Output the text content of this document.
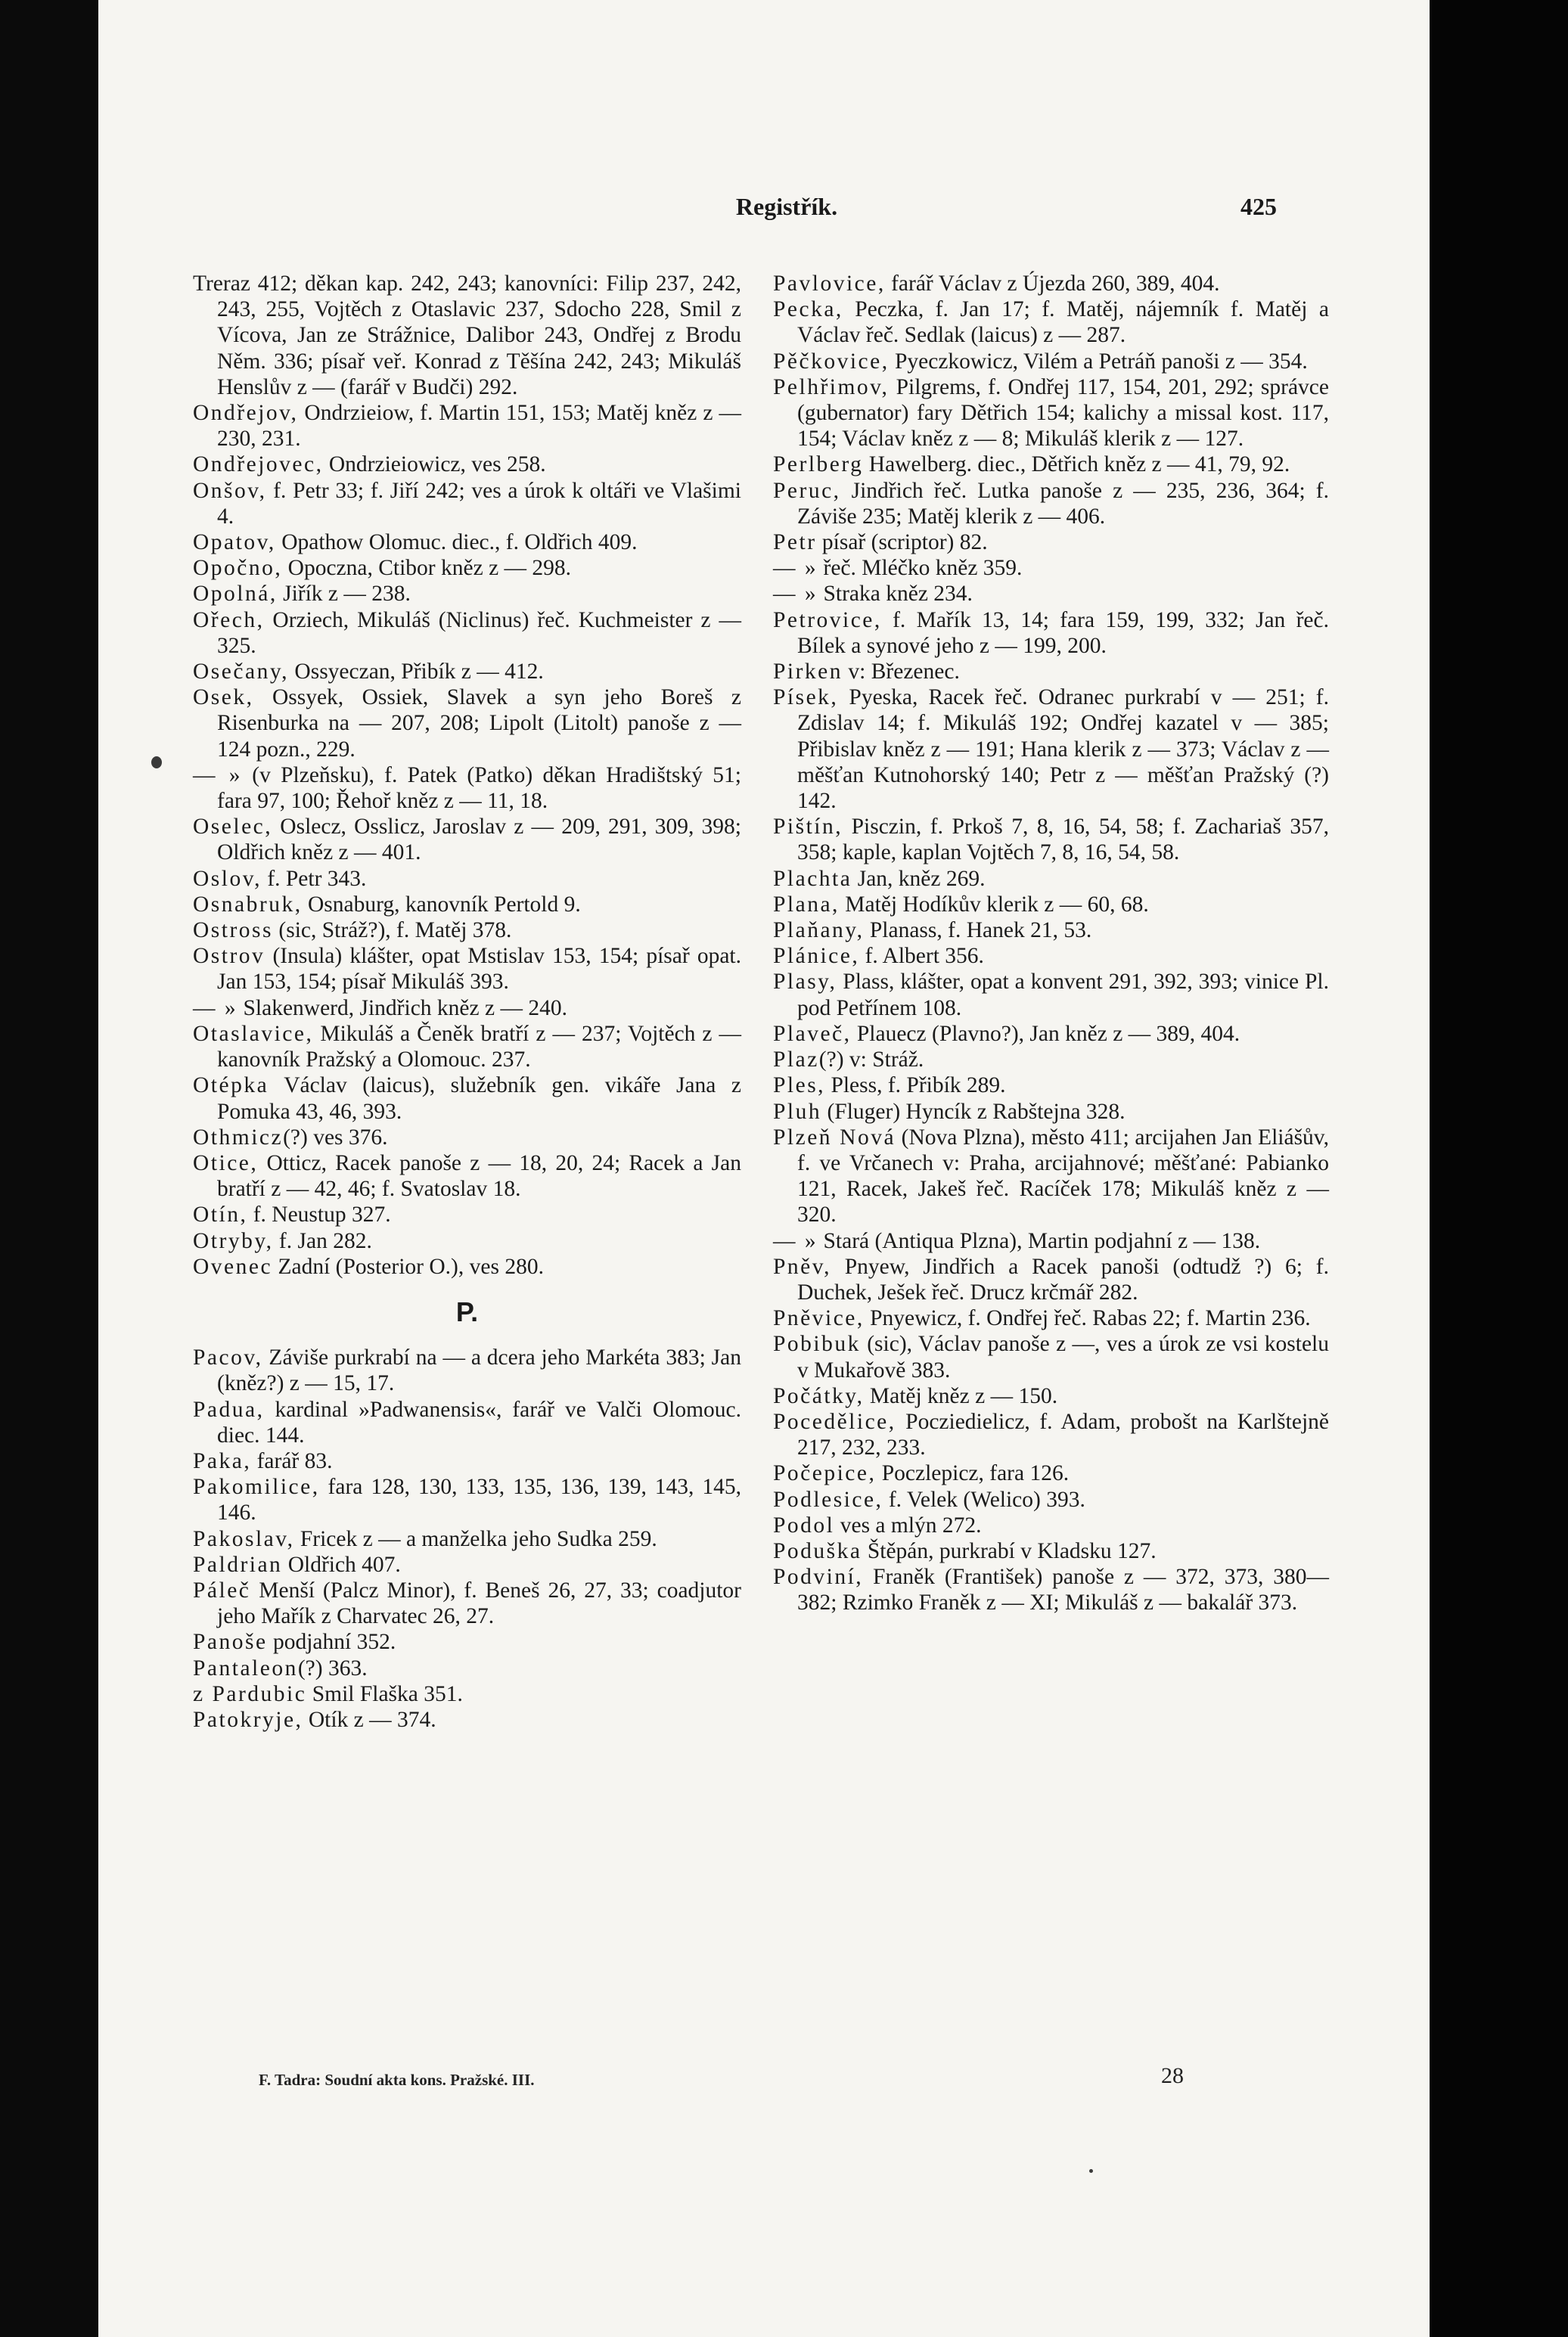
Registřík.	425

Treraz 412; děkan kap. 242, 243; kanovníci: Filip 237, 242, 243, 255, Vojtěch z Otaslavic 237, Sdocho 228, Smil z Vícova, Jan ze Strážnice, Dalibor 243, Ondřej z Brodu Něm. 336; písař veř. Konrad z Těšína 242, 243; Mikuláš Henslův z — (farář v Budči) 292.

Ondřejov, Ondrzieiow, f. Martin 151, 153; Matěj kněz z — 230, 231.

Ondřejovec, Ondrzieiowicz, ves 258.

Onšov, f. Petr 33; f. Jiří 242; ves a úrok k oltáři ve Vlašimi 4.

Opatov, Opathow Olomuc. diec., f. Oldřich 409.

Opočno, Opoczna, Ctibor kněz z — 298.

Opolná, Jiřík z — 238.

Ořech, Orziech, Mikuláš (Niclinus) řeč. Kuchmeister z — 325.

Osečany, Ossyeczan, Přibík z — 412.

Osek, Ossyek, Ossiek, Slavek a syn jeho Boreš z Risenburka na — 207, 208; Lipolt (Litolt) panoše z — 124 pozn., 229.

— » (v Plzeňsku), f. Patek (Patko) děkan Hradištský 51; fara 97, 100; Řehoř kněz z — 11, 18.

Oselec, Oslecz, Osslicz, Jaroslav z — 209, 291, 309, 398; Oldřich kněz z — 401.

Oslov, f. Petr 343.

Osnabruk, Osnaburg, kanovník Pertold 9.

Ostross (sic, Stráž?), f. Matěj 378.

Ostrov (Insula) klášter, opat Mstislav 153, 154; písař opat. Jan 153, 154; písař Mikuláš 393.

— » Slakenwerd, Jindřich kněz z — 240.

Otaslavice, Mikuláš a Čeněk bratří z — 237; Vojtěch z — kanovník Pražský a Olomouc. 237.

Otépka Václav (laicus), služebník gen. vikáře Jana z Pomuka 43, 46, 393.

Othmicz(?) ves 376.

Otice, Otticz, Racek panoše z — 18, 20, 24; Racek a Jan bratří z — 42, 46; f. Svatoslav 18.

Otín, f. Neustup 327.

Otryby, f. Jan 282.

Ovenec Zadní (Posterior O.), ves 280.

P.

Pacov, Záviše purkrabí na — a dcera jeho Markéta 383; Jan (kněz?) z — 15, 17.

Padua, kardinal »Padwanensis«, farář ve Valči Olomouc. diec. 144.

Paka, farář 83.

Pakomilice, fara 128, 130, 133, 135, 136, 139, 143, 145, 146.

Pakoslav, Fricek z — a manželka jeho Sudka 259.

Paldrian Oldřich 407.

Páleč Menší (Palcz Minor), f. Beneš 26, 27, 33; coadjutor jeho Mařík z Charvatec 26, 27.

Panoše podjahní 352.

Pantaleon(?) 363.

z Pardubic Smil Flaška 351.

Patokryje, Otík z — 374.

Pavlovice, farář Václav z Újezda 260, 389, 404.

Pecka, Peczka, f. Jan 17; f. Matěj, nájemník f. Matěj a Václav řeč. Sedlak (laicus) z — 287.

Pěčkovice, Pyeczkowicz, Vilém a Petráň panoši z — 354.

Pelhřimov, Pilgrems, f. Ondřej 117, 154, 201, 292; správce (gubernator) fary Dětřich 154; kalichy a missal kost. 117, 154; Václav kněz z — 8; Mikuláš klerik z — 127.

Perlberg Hawelberg. diec., Dětřich kněz z — 41, 79, 92.

Peruc, Jindřich řeč. Lutka panoše z — 235, 236, 364; f. Záviše 235; Matěj klerik z — 406.

Petr písař (scriptor) 82.

— » řeč. Mléčko kněz 359.

— » Straka kněz 234.

Petrovice, f. Mařík 13, 14; fara 159, 199, 332; Jan řeč. Bílek a synové jeho z — 199, 200.

Pirken v: Březenec.

Písek, Pyeska, Racek řeč. Odranec purkrabí v — 251; f. Zdislav 14; f. Mikuláš 192; Ondřej kazatel v — 385; Přibislav kněz z — 191; Hana klerik z — 373; Václav z — měšťan Kutnohorský 140; Petr z — měšťan Pražský (?) 142.

Pištín, Pisczin, f. Prkoš 7, 8, 16, 54, 58; f. Zachariaš 357, 358; kaple, kaplan Vojtěch 7, 8, 16, 54, 58.

Plachta Jan, kněz 269.

Plana, Matěj Hodíkův klerik z — 60, 68.

Plaňany, Planass, f. Hanek 21, 53.

Plánice, f. Albert 356.

Plasy, Plass, klášter, opat a konvent 291, 392, 393; vinice Pl. pod Petřínem 108.

Plaveč, Plauecz (Plavno?), Jan kněz z — 389, 404.

Plaz(?) v: Stráž.

Ples, Pless, f. Přibík 289.

Pluh (Fluger) Hyncík z Rabštejna 328.

Plzeň Nová (Nova Plzna), město 411; arcijahen Jan Eliášův, f. ve Vrčanech v: Praha, arcijahnové; měšťané: Pabianko 121, Racek, Jakeš řeč. Racíček 178; Mikuláš kněz z — 320.

— » Stará (Antiqua Plzna), Martin podjahní z — 138.

Pněv, Pnyew, Jindřich a Racek panoši (odtudž ?) 6; f. Duchek, Ješek řeč. Drucz krčmář 282.

Pněvice, Pnyewicz, f. Ondřej řeč. Rabas 22; f. Martin 236.

Pobibuk (sic), Václav panoše z —, ves a úrok ze vsi kostelu v Mukařově 383.

Počátky, Matěj kněz z — 150.

Pocedělice, Pocziedielicz, f. Adam, probošt na Karlštejně 217, 232, 233.

Počepice, Poczlepicz, fara 126.

Podlesice, f. Velek (Welico) 393.

Podol ves a mlýn 272.

Poduška Štěpán, purkrabí v Kladsku 127.

Podviní, Franěk (František) panoše z — 372, 373, 380—382; Rzimko Franěk z — XI; Mikuláš z — bakalář 373.

F. Tadra: Soudní akta kons. Pražské. III.	28
